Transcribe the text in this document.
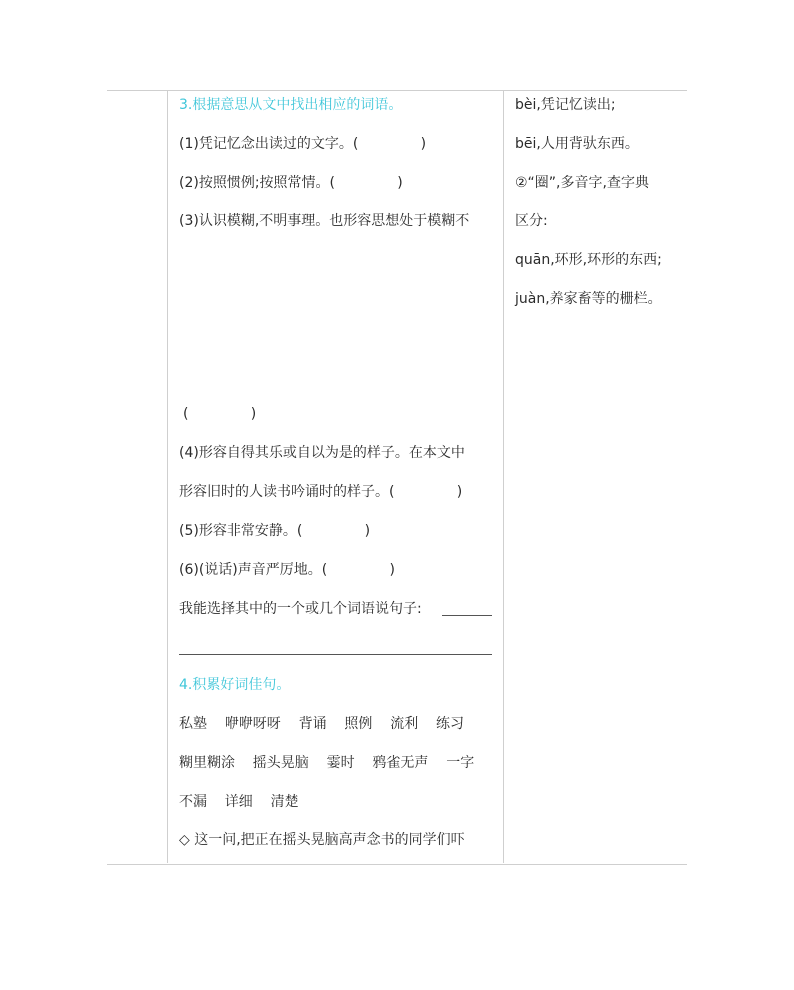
3.根据意思从文中找出相应的词语。
(1)凭记忆念出读过的文字。(              )
(2)按照惯例;按照常情。(              )
(3)认识模糊,不明事理。也形容思想处于模糊不
(              )
(4)形容自得其乐或自以为是的样子。在本文中
形容旧时的人读书吟诵时的样子。(              )
(5)形容非常安静。(              )
(6)(说话)声音严厉地。(              )
我能选择其中的一个或几个词语说句子:
4.积累好词佳句。
私塾    咿咿呀呀    背诵    照例    流利    练习
糊里糊涂    摇头晃脑    霎时    鸦雀无声    一字
不漏    详细    清楚
◇ 这一问,把正在摇头晃脑高声念书的同学们吓
bèi,凭记忆读出;
bēi,人用背驮东西。
②“圈”,多音字,查字典
区分:
quān,环形,环形的东西;
juàn,养家畜等的栅栏。
